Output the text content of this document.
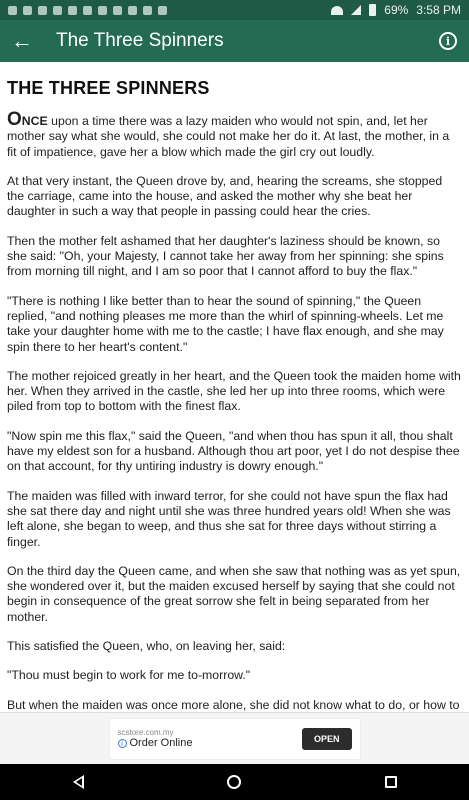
69% 3:58 PM
← The Three Spinners	i
THE THREE SPINNERS

ONCE upon a time there was a lazy maiden who would not spin, and, let her mother say what she would, she could not make her do it. At last, the mother, in a fit of impatience, gave her a blow which made the girl cry out loudly.

At that very instant, the Queen drove by, and, hearing the screams, she stopped the carriage, came into the house, and asked the mother why she beat her daughter in such a way that people in passing could hear the cries.

Then the mother felt ashamed that her daughter's laziness should be known, so she said: "Oh, your Majesty, I cannot take her away from her spinning: she spins from morning till night, and I am so poor that I cannot afford to buy the flax."

"There is nothing I like better than to hear the sound of spinning," the Queen replied, "and nothing pleases me more than the whirl of spinning-wheels. Let me take your daughter home with me to the castle; I have flax enough, and she may spin there to her heart's content."

The mother rejoiced greatly in her heart, and the Queen took the maiden home with her. When they arrived in the castle, she led her up into three rooms, which were piled from top to bottom with the finest flax.

"Now spin me this flax," said the Queen, "and when thou has spun it all, thou shalt have my eldest son for a husband. Although thou art poor, yet I do not despise thee on that account, for thy untiring industry is dowry enough."

The maiden was filled with inward terror, for she could not have spun the flax had she sat there day and night until she was three hundred years old! When she was left alone, she began to weep, and thus she sat for three days without stirring a finger.

On the third day the Queen came, and when she saw that nothing was as yet spun, she wondered over it, but the maiden excused herself by saying that she could not begin in consequence of the great sorrow she felt in being separated from her mother.

This satisfied the Queen, who, on leaving her, said:

"Thou must begin to work for me to-morrow."

But when the maiden was once more alone, she did not know what to do, or how to

scstore.com.my
i Order Online	OPEN
